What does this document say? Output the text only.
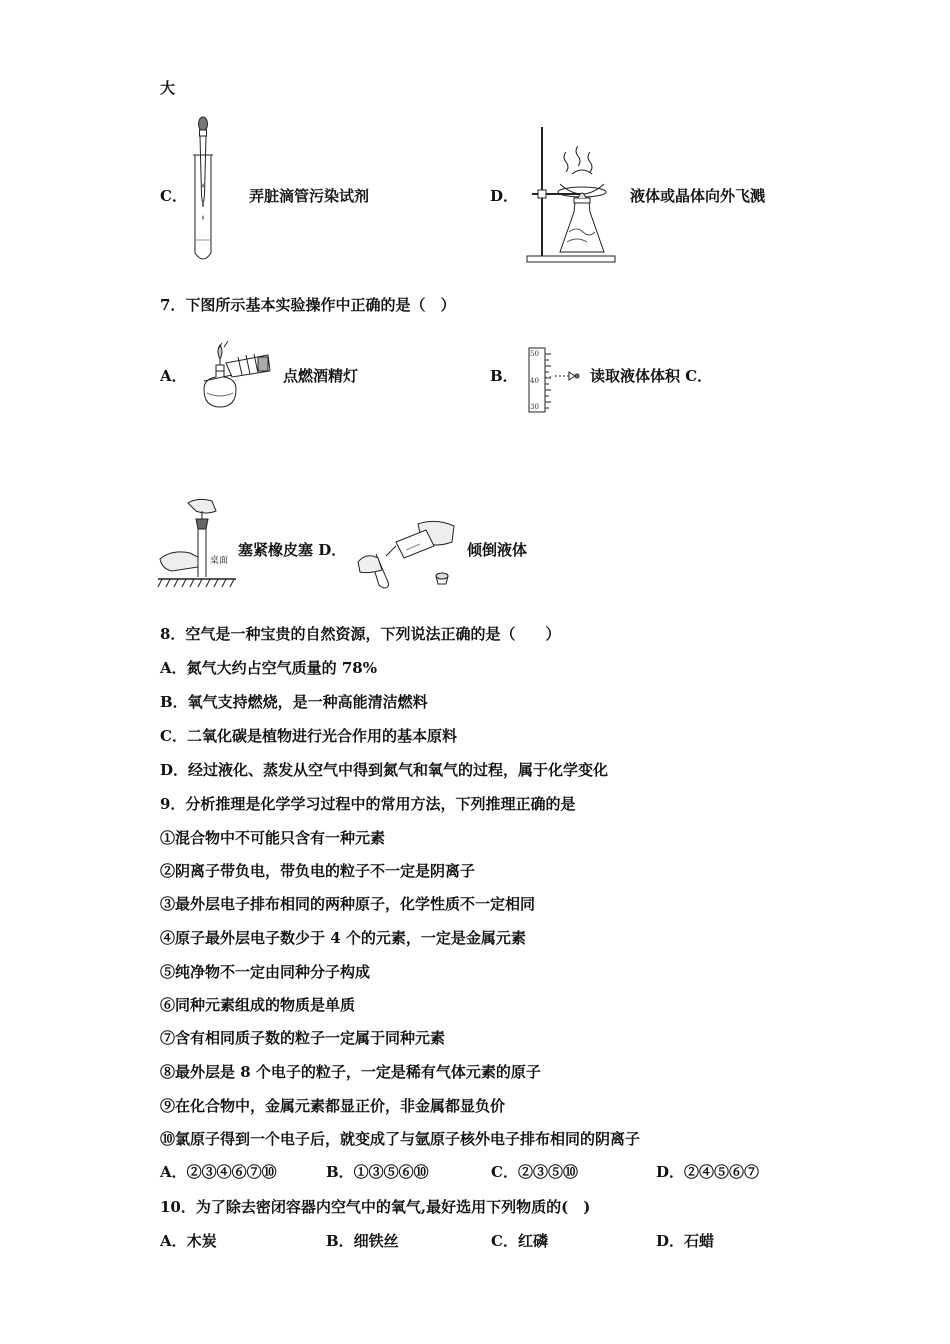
大
C．	弄脏滴管污染试剂	D．	液体或晶体向外飞溅
7．下图所示基本实验操作中正确的是（　）
A．	点燃酒精灯	B．
50
40
30
读取液体体积 C．
桌面
塞紧橡皮塞 D．	倾倒液体
8．空气是一种宝贵的自然资源，下列说法正确的是（　　）
A．氮气大约占空气质量的 78%
B．氧气支持燃烧，是一种高能清洁燃料
C．二氧化碳是植物进行光合作用的基本原料
D．经过液化、蒸发从空气中得到氮气和氧气的过程，属于化学变化
9．分析推理是化学学习过程中的常用方法，下列推理正确的是
①混合物中不可能只含有一种元素
②阴离子带负电，带负电的粒子不一定是阴离子
③最外层电子排布相同的两种原子，化学性质不一定相同
④原子最外层电子数少于 4 个的元素，一定是金属元素
⑤纯净物不一定由同种分子构成
⑥同种元素组成的物质是单质
⑦含有相同质子数的粒子一定属于同种元素
⑧最外层是 8 个电子的粒子，一定是稀有气体元素的原子
⑨在化合物中，金属元素都显正价，非金属都显负价
⑩氯原子得到一个电子后，就变成了与氩原子核外电子排布相同的阴离子
A．②③④⑥⑦⑩	B．①③⑤⑥⑩	C．②③⑤⑩	D．②④⑤⑥⑦
10．为了除去密闭容器内空气中的氧气,最好选用下列物质的(　)
A．木炭	B．细铁丝	C．红磷	D．石蜡
